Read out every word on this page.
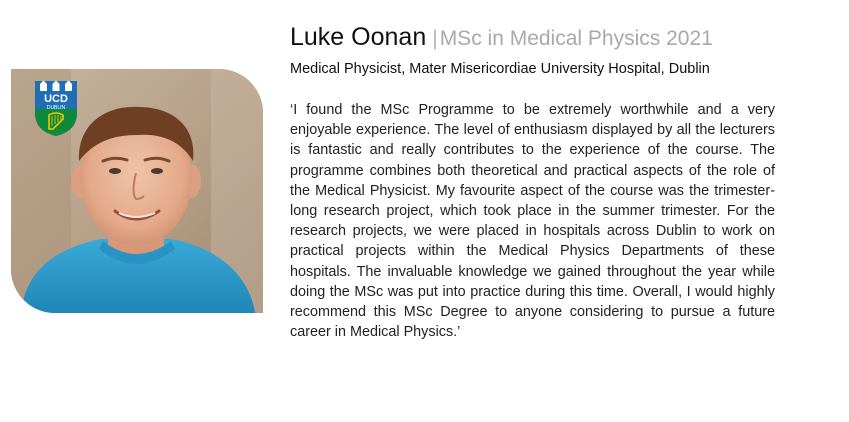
UCD
DUBLIN

Luke Oonan |MSc in Medical Physics 2021

Medical Physicist, Mater Misericordiae University Hospital, Dublin

‘I found the MSc Programme to be extremely worthwhile and a very enjoyable experience. The level of enthusiasm displayed by all the lecturers is fantastic and really contributes to the experience of the course. The programme combines both theoretical and practical aspects of the role of the Medical Physicist. My favourite aspect of the course was the trimester-long research project, which took place in the summer trimester. For the research projects, we were placed in hospitals across Dublin to work on practical projects within the Medical Physics Departments of these hospitals. The invaluable knowledge we gained throughout the year while doing the MSc was put into practice during this time. Overall, I would highly recommend this MSc Degree to anyone considering to pursue a future career in Medical Physics.’
